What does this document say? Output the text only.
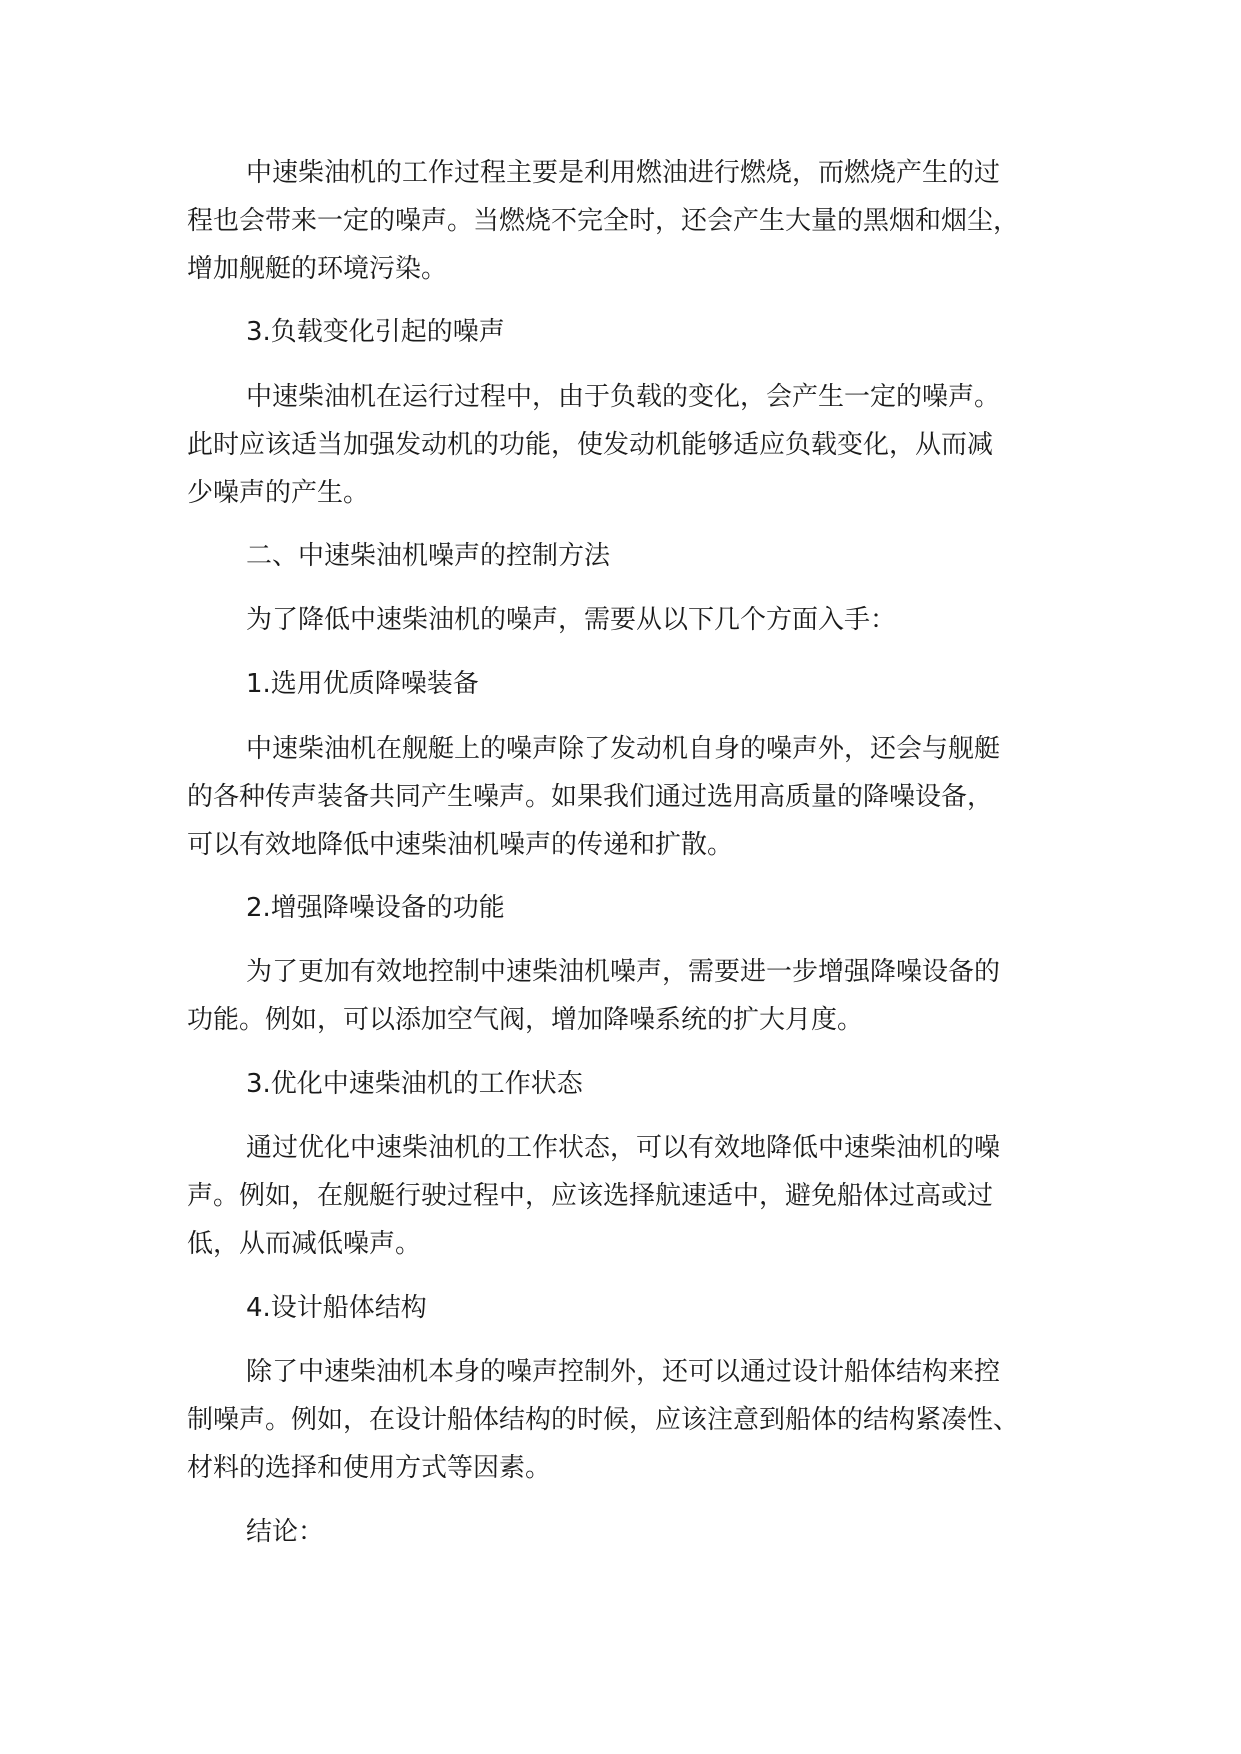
中速柴油机的工作过程主要是利用燃油进行燃烧，而燃烧产生的过
程也会带来一定的噪声。当燃烧不完全时，还会产生大量的黑烟和烟尘，
增加舰艇的环境污染。
3.负载变化引起的噪声
中速柴油机在运行过程中，由于负载的变化，会产生一定的噪声。
此时应该适当加强发动机的功能，使发动机能够适应负载变化，从而减
少噪声的产生。
二、中速柴油机噪声的控制方法
为了降低中速柴油机的噪声，需要从以下几个方面入手：
1.选用优质降噪装备
中速柴油机在舰艇上的噪声除了发动机自身的噪声外，还会与舰艇
的各种传声装备共同产生噪声。如果我们通过选用高质量的降噪设备，
可以有效地降低中速柴油机噪声的传递和扩散。
2.增强降噪设备的功能
为了更加有效地控制中速柴油机噪声，需要进一步增强降噪设备的
功能。例如，可以添加空气阀，增加降噪系统的扩大月度。
3.优化中速柴油机的工作状态
通过优化中速柴油机的工作状态，可以有效地降低中速柴油机的噪
声。例如，在舰艇行驶过程中，应该选择航速适中，避免船体过高或过
低，从而减低噪声。
4.设计船体结构
除了中速柴油机本身的噪声控制外，还可以通过设计船体结构来控
制噪声。例如，在设计船体结构的时候，应该注意到船体的结构紧凑性、
材料的选择和使用方式等因素。
结论：
